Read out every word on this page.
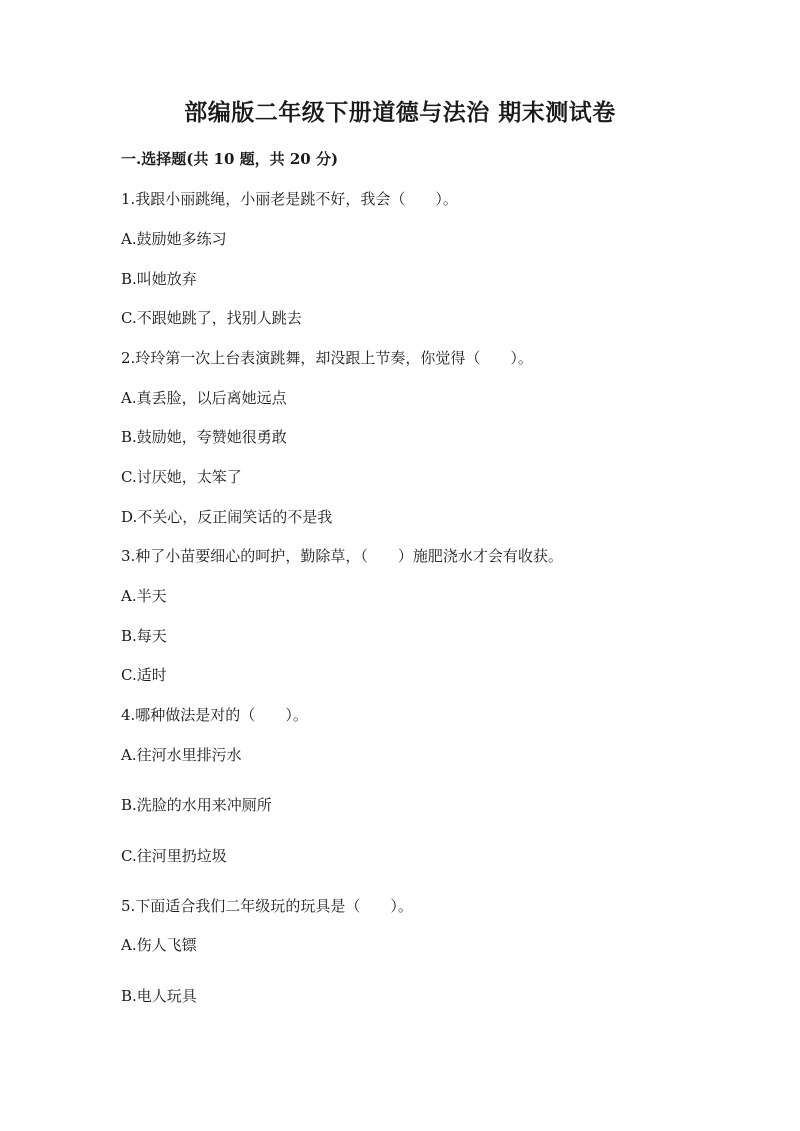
部编版二年级下册道德与法治 期末测试卷
一.选择题(共 10 题，共 20 分)
1.我跟小丽跳绳，小丽老是跳不好，我会（　　）。
A.鼓励她多练习
B.叫她放弃
C.不跟她跳了，找别人跳去
2.玲玲第一次上台表演跳舞，却没跟上节奏，你觉得（　　）。
A.真丢脸，以后离她远点
B.鼓励她，夸赞她很勇敢
C.讨厌她，太笨了
D.不关心，反正闹笑话的不是我
3.种了小苗要细心的呵护，勤除草，（　　）施肥浇水才会有收获。
A.半天
B.每天
C.适时
4.哪种做法是对的（　　）。
A.往河水里排污水
B.洗脸的水用来冲厕所
C.往河里扔垃圾
5.下面适合我们二年级玩的玩具是（　　）。
A.伤人飞镖
B.电人玩具
